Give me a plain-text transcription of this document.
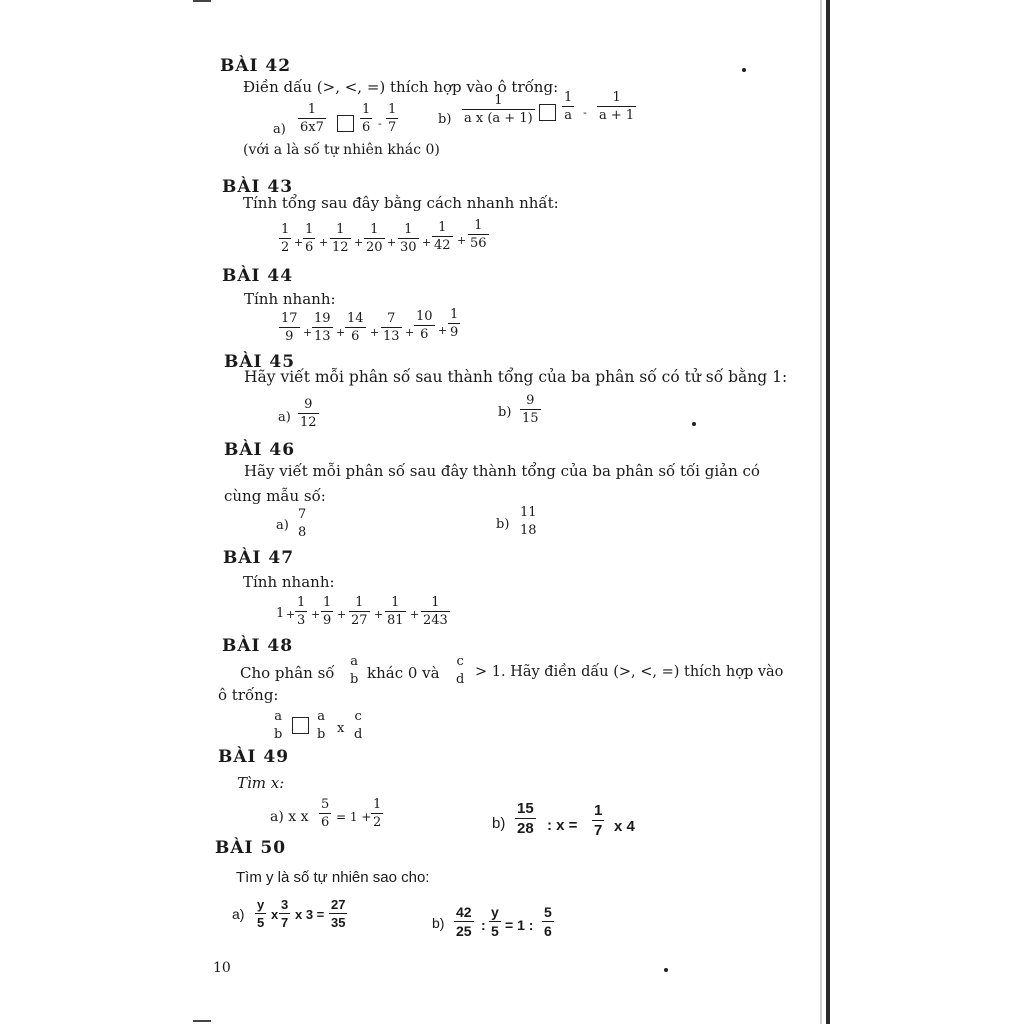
BÀI 42
Điền dấu (>, <, =) thích hợp vào ô trống:
a)
1
6x7
1
6 -
1
7
b)
1
a x (a + 1)
1
a -
1
a + 1
(với a là số tự nhiên khác 0)
BÀI 43
Tính tổng sau đây bằng cách nhanh nhất:
1
2 +
1
6 +
1
12 +
1
20 +
1
30 +
1
42 +
1
56
BÀI 44
Tính nhanh:
17
9 +
19
13 +
14
6 +
7
13 +
10
6 +
1
9
BÀI 45
Hãy viết mỗi phân số sau thành tổng của ba phân số có tử số bằng 1:
a)
9
12
b)
9
15
BÀI 46
Hãy viết mỗi phân số sau đây thành tổng của ba phân số tối giản có
cùng mẫu số:
a)
7
8
b)
11
18
BÀI 47
Tính nhanh:
1 +
1
3 +
1
9 +
1
27 +
1
81 +
1
243
BÀI 48
Cho phân số
a
b khác 0 và
c
d > 1. Hãy điền dấu (>, <, =) thích hợp vào
ô trống:
a
b
a
b x
c
d
BÀI 49
Tìm x:
a) x x
5
6 = 1 +
1
2	b)
15
28 : x =
1
7 x 4
BÀI 50
Tìm y là số tự nhiên sao cho:
a)
y
5
x
3
7
x 3 =
27
35	b)
42
25 :
y
5 = 1 :
5
6
10
